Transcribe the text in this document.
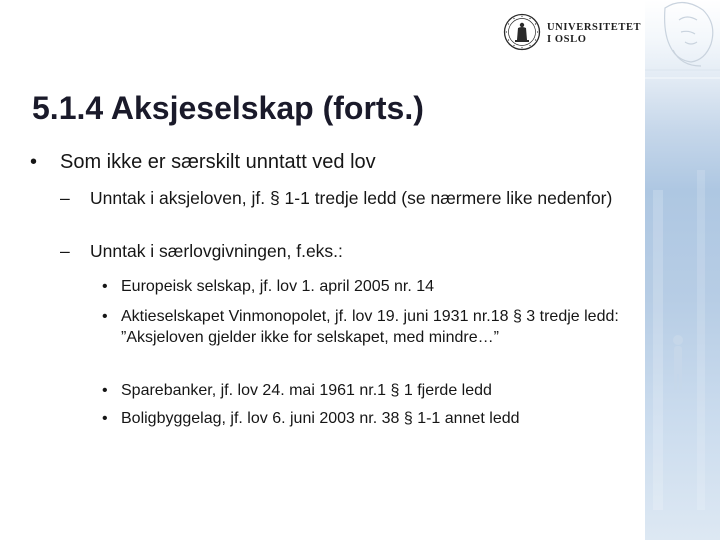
UNIVERSITETET
I OSLO
5.1.4 Aksjeselskap (forts.)
• Som ikke er særskilt unntatt ved lov
– Unntak i aksjeloven, jf. § 1-1 tredje ledd (se nærmere like nedenfor)
– Unntak i særlovgivningen, f.eks.:
• Europeisk selskap, jf. lov 1. april 2005 nr. 14
• Aktieselskapet Vinmonopolet, jf. lov 19. juni 1931 nr.18 § 3 tredje ledd: ”Aksjeloven gjelder ikke for selskapet, med mindre…”
• Sparebanker, jf. lov 24. mai 1961 nr.1 § 1 fjerde ledd
• Boligbyggelag, jf. lov 6. juni 2003 nr. 38 § 1-1 annet ledd
